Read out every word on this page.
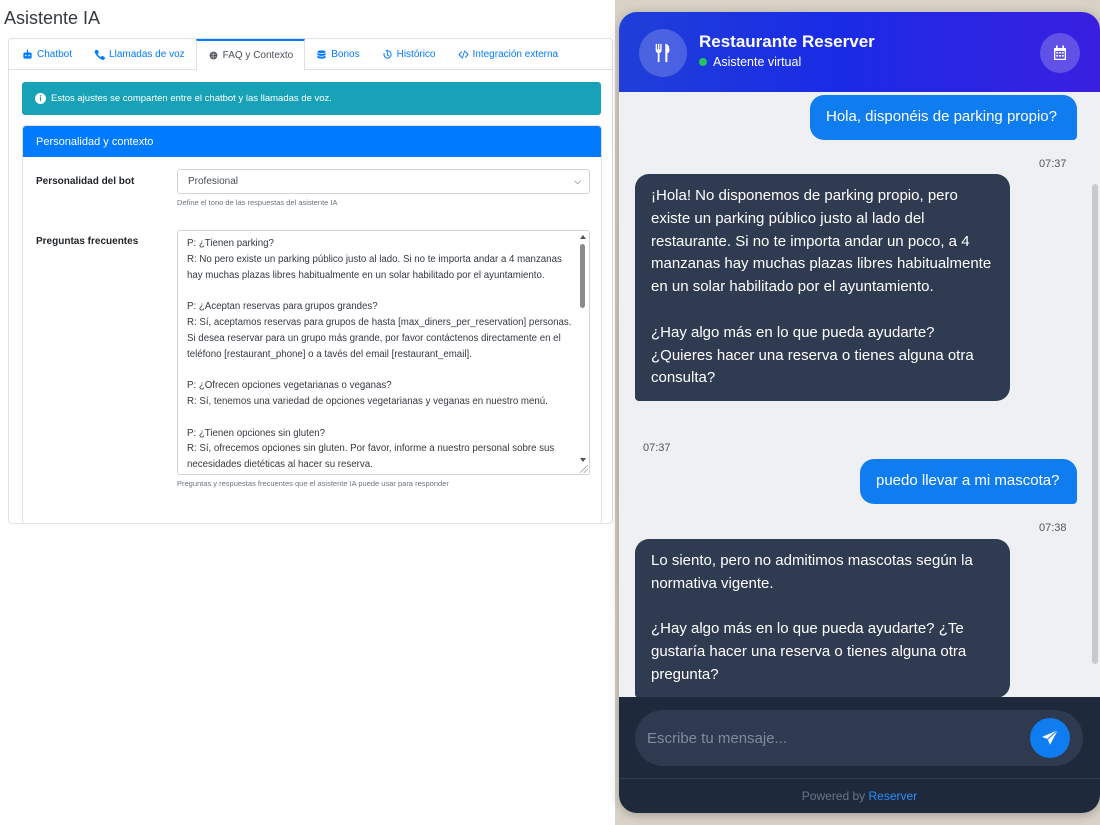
Asistente IA
Chatbot	Llamadas de voz	FAQ y Contexto	Bonos	Histórico	Integración externa
i Estos ajustes se comparten entre el chatbot y las llamadas de voz.
Personalidad y contexto
Personalidad del bot	Profesional	⌵
Define el tono de las respuestas del asistente IA
Preguntas frecuentes	P: ¿Tienen parking?
R: No pero existe un parking público justo al lado. Si no te importa andar a 4 manzanas hay muchas plazas libres habitualmente en un solar habilitado por el ayuntamiento.

P: ¿Aceptan reservas para grupos grandes?
R: Sí, aceptamos reservas para grupos de hasta [max_diners_per_reservation] personas. Si desea reservar para un grupo más grande, por favor contáctenos directamente en el teléfono [restaurant_phone] o a tavés del email [restaurant_email].

P: ¿Ofrecen opciones vegetarianas o veganas?
R: Sí, tenemos una variedad de opciones vegetarianas y veganas en nuestro menú.

P: ¿Tienen opciones sin gluten?
R: Sí, ofrecemos opciones sin gluten. Por favor, informe a nuestro personal sobre sus necesidades dietéticas al hacer su reserva.
Preguntas y respuestas frecuentes que el asistente IA puede usar para responder
Restaurante Reserver
Asistente virtual
Hola, disponéis de parking propio?
07:37
¡Hola! No disponemos de parking propio, pero existe un parking público justo al lado del restaurante. Si no te importa andar un poco, a 4 manzanas hay muchas plazas libres habitualmente en un solar habilitado por el ayuntamiento.

¿Hay algo más en lo que pueda ayudarte? ¿Quieres hacer una reserva o tienes alguna otra consulta?
07:37
puedo llevar a mi mascota?
07:38
Lo siento, pero no admitimos mascotas según la normativa vigente.

¿Hay algo más en lo que pueda ayudarte? ¿Te gustaría hacer una reserva o tienes alguna otra pregunta?
Escribe tu mensaje...
Powered by Reserver
